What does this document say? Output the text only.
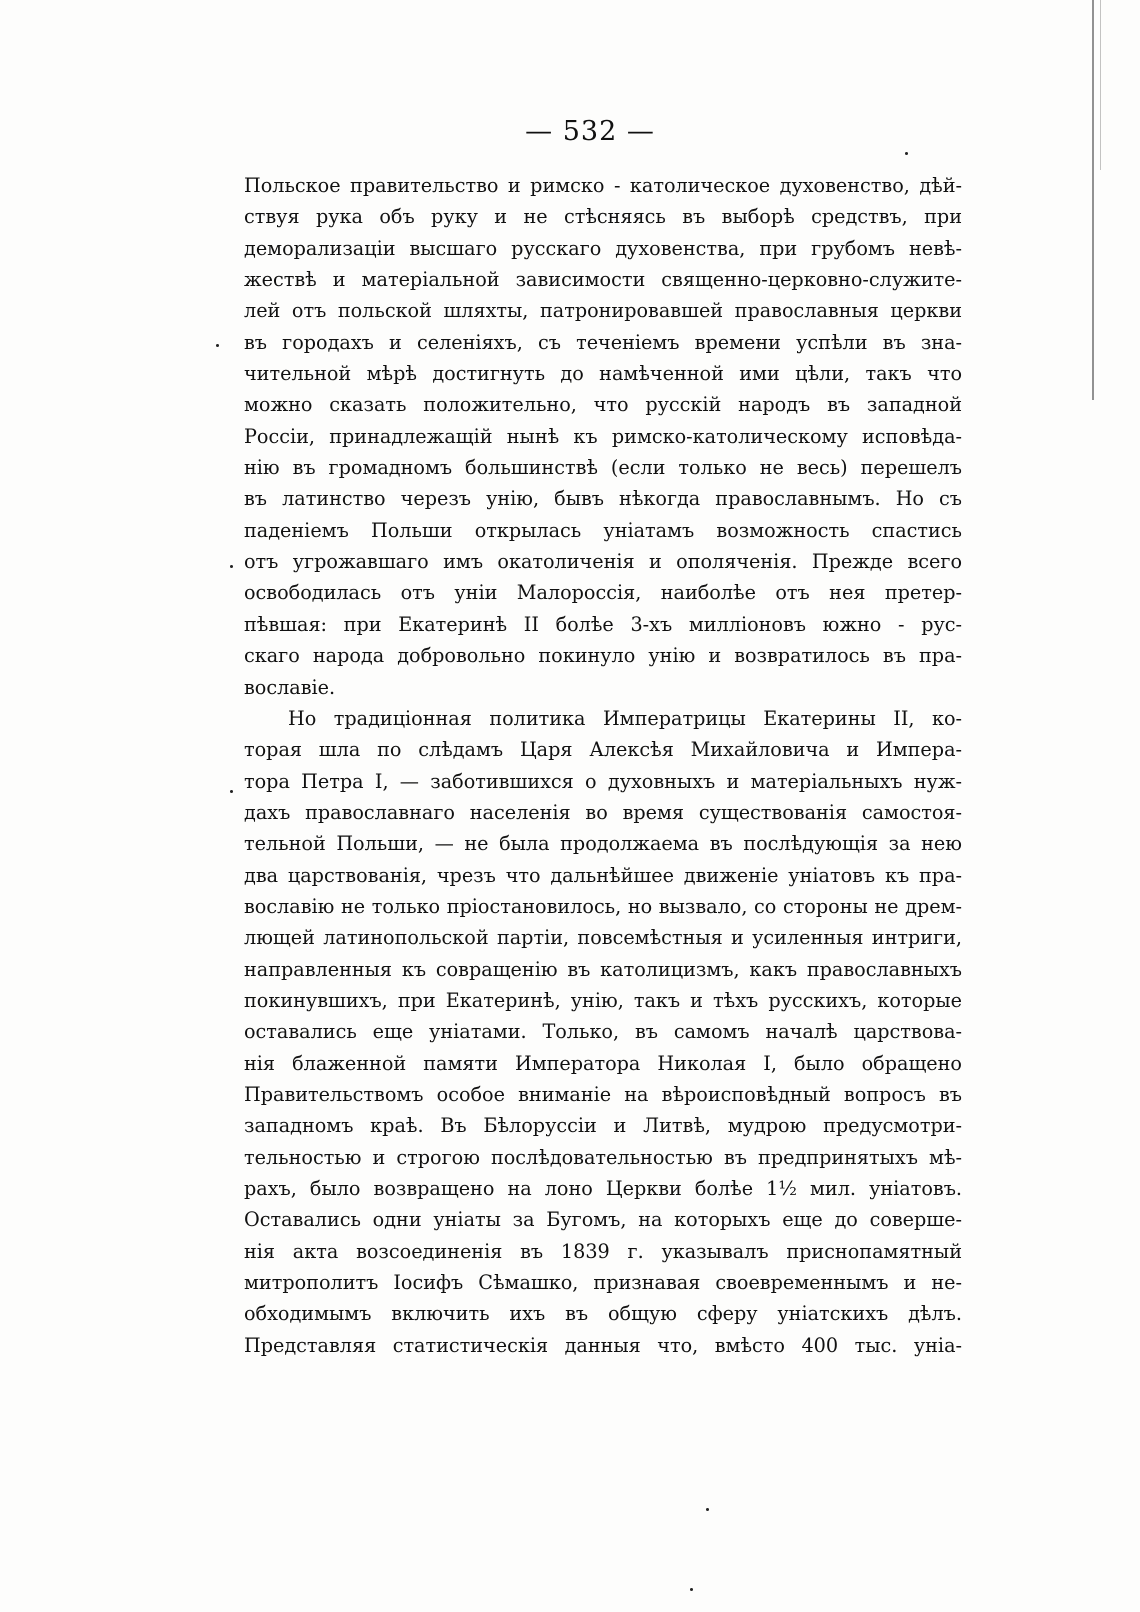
— 532 —
Польское правительство и римско - католическое духовенство, дѣй-
ствуя рука объ руку и не стѣсняясь въ выборѣ средствъ, при
деморализаціи высшаго русскаго духовенства, при грубомъ невѣ-
жествѣ и матеріальной зависимости священно-церковно-служите-
лей отъ польской шляхты, патронировавшей православныя церкви
въ городахъ и селеніяхъ, съ теченіемъ времени успѣли въ зна-
чительной мѣрѣ достигнуть до намѣченной ими цѣли, такъ что
можно сказать положительно, что русскій народъ въ западной
Россіи, принадлежащій нынѣ къ римско-католическому исповѣда-
нію въ громадномъ большинствѣ (если только не весь) перешелъ
въ латинство черезъ унію, бывъ нѣкогда православнымъ. Но съ
паденіемъ Польши открылась уніатамъ возможность спастись
отъ угрожавшаго имъ окатоличенія и ополяченія. Прежде всего
освободилась отъ уніи Малороссія, наиболѣе отъ нея претер-
пѣвшая: при Екатеринѣ II болѣе 3-хъ милліоновъ южно - рус-
скаго народа добровольно покинуло унію и возвратилось въ пра-
вославіе.
Но традиціонная политика Императрицы Екатерины II, ко-
торая шла по слѣдамъ Царя Алексѣя Михайловича и Импера-
тора Петра I, — заботившихся о духовныхъ и матеріальныхъ нуж-
дахъ православнаго населенія во время существованія самостоя-
тельной Польши, — не была продолжаема въ послѣдующія за нею
два царствованія, чрезъ что дальнѣйшее движеніе уніатовъ къ пра-
вославію не только пріостановилось, но вызвало, со стороны не дрем-
лющей латинопольской партіи, повсемѣстныя и усиленныя интриги,
направленныя къ совращенію въ католицизмъ, какъ православныхъ
покинувшихъ, при Екатеринѣ, унію, такъ и тѣхъ русскихъ, которые
оставались еще уніатами. Только, въ самомъ началѣ царствова-
нія блаженной памяти Императора Николая I, было обращено
Правительствомъ особое вниманіе на вѣроисповѣдный вопросъ въ
западномъ краѣ. Въ Бѣлоруссіи и Литвѣ, мудрою предусмотри-
тельностью и строгою послѣдовательностью въ предпринятыхъ мѣ-
рахъ, было возвращено на лоно Церкви болѣе 1½ мил. уніатовъ.
Оставались одни уніаты за Бугомъ, на которыхъ еще до соверше-
нія акта возсоединенія въ 1839 г. указывалъ приснопамятный
митрополитъ Іосифъ Сѣмашко, признавая своевременнымъ и не-
обходимымъ включить ихъ въ общую сферу уніатскихъ дѣлъ.
Представляя статистическія данныя что, вмѣсто 400 тыс. уніа-
